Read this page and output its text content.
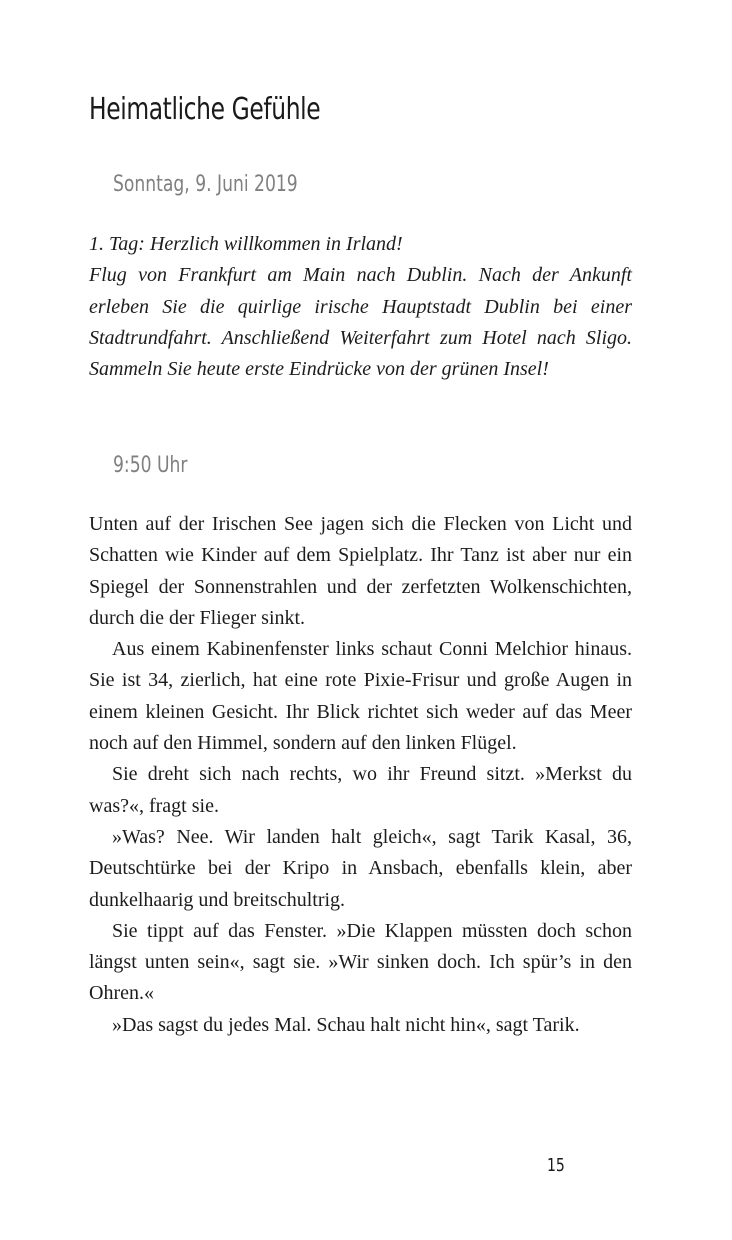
Heimatliche Gefühle
Sonntag, 9. Juni 2019

1. Tag: Herzlich willkommen in Irland!

Flug von Frankfurt am Main nach Dublin. Nach der Ankunft erleben Sie die quirlige irische Hauptstadt Dublin bei einer Stadtrundfahrt. Anschließend Weiterfahrt zum Hotel nach Sligo. Sammeln Sie heute erste Eindrücke von der grünen Insel!

9:50 Uhr

Unten auf der Irischen See jagen sich die Flecken von Licht und Schatten wie Kinder auf dem Spielplatz. Ihr Tanz ist aber nur ein Spiegel der Sonnenstrahlen und der zerfetzten Wolkenschichten, durch die der Flieger sinkt.

Aus einem Kabinenfenster links schaut Conni Melchior hinaus. Sie ist 34, zierlich, hat eine rote Pixie-Frisur und große Augen in einem kleinen Gesicht. Ihr Blick richtet sich weder auf das Meer noch auf den Himmel, sondern auf den linken Flügel.

Sie dreht sich nach rechts, wo ihr Freund sitzt. »Merkst du was?«, fragt sie.

»Was? Nee. Wir landen halt gleich«, sagt Tarik Kasal, 36, Deutschtürke bei der Kripo in Ansbach, ebenfalls klein, aber dunkelhaarig und breitschultrig.

Sie tippt auf das Fenster. »Die Klappen müssten doch schon längst unten sein«, sagt sie. »Wir sinken doch. Ich spür’s in den Ohren.«

»Das sagst du jedes Mal. Schau halt nicht hin«, sagt Tarik.

15
